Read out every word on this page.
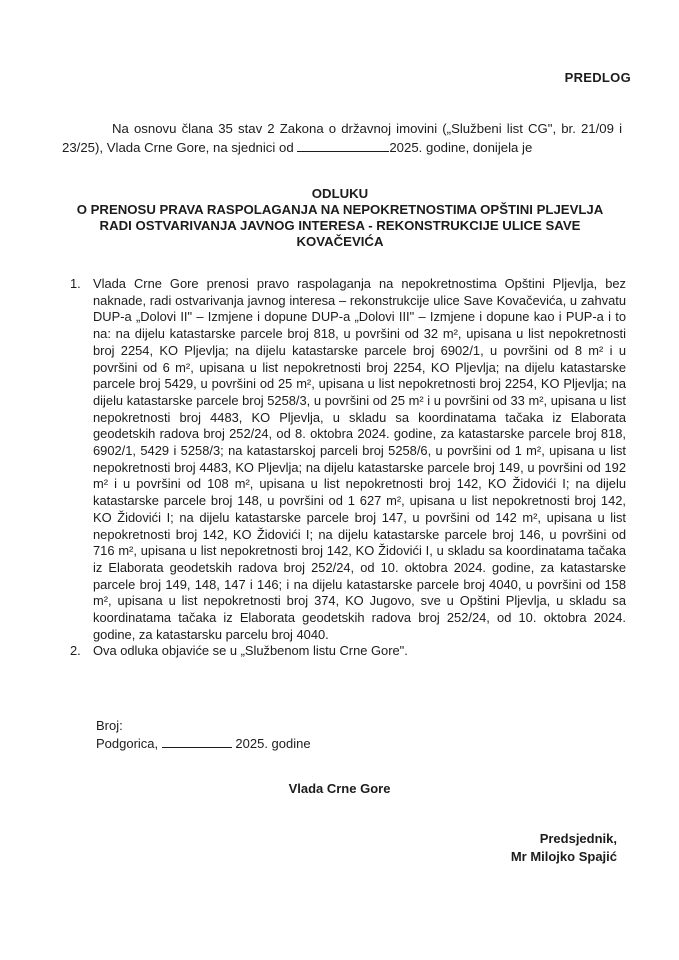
PREDLOG
Na osnovu člana 35 stav 2 Zakona o državnoj imovini („Službeni list CG", br. 21/09 i 23/25), Vlada Crne Gore, na sjednici od	2025. godine, donijela je
ODLUKU
O PRENOSU PRAVA RASPOLAGANJA NA NEPOKRETNOSTIMA OPŠTINI PLJEVLJA RADI OSTVARIVANJA JAVNOG INTERESA - REKONSTRUKCIJE ULICE SAVE KOVAČEVIĆA
1. Vlada Crne Gore prenosi pravo raspolaganja na nepokretnostima Opštini Pljevlja, bez naknade, radi ostvarivanja javnog interesa – rekonstrukcije ulice Save Kovačevića, u zahvatu DUP-a „Dolovi II" – Izmjene i dopune DUP-a „Dolovi III" – Izmjene i dopune kao i PUP-a i to na: na dijelu katastarske parcele broj 818, u površini od 32 m², upisana u list nepokretnosti broj 2254, KO Pljevlja; na dijelu katastarske parcele broj 6902/1, u površini od 8 m² i u površini od 6 m², upisana u list nepokretnosti broj 2254, KO Pljevlja; na dijelu katastarske parcele broj 5429, u površini od 25 m², upisana u list nepokretnosti broj 2254, KO Pljevlja; na dijelu katastarske parcele broj 5258/3, u površini od 25 m² i u površini od 33 m², upisana u list nepokretnosti broj 4483, KO Pljevlja, u skladu sa koordinatama tačaka iz Elaborata geodetskih radova broj 252/24, od 8. oktobra 2024. godine, za katastarske parcele broj 818, 6902/1, 5429 i 5258/3; na katastarskoj parceli broj 5258/6, u površini od 1 m², upisana u list nepokretnosti broj 4483, KO Pljevlja; na dijelu katastarske parcele broj 149, u površini od 192 m² i u površini od 108 m², upisana u list nepokretnosti broj 142, KO Židovići I; na dijelu katastarske parcele broj 148, u površini od 1 627 m², upisana u list nepokretnosti broj 142, KO Židovići I; na dijelu katastarske parcele broj 147, u površini od 142 m², upisana u list nepokretnosti broj 142, KO Židovići I; na dijelu katastarske parcele broj 146, u površini od 716 m², upisana u list nepokretnosti broj 142, KO Židovići I, u skladu sa koordinatama tačaka iz Elaborata geodetskih radova broj 252/24, od 10. oktobra 2024. godine, za katastarske parcele broj 149, 148, 147 i 146; i na dijelu katastarske parcele broj 4040, u površini od 158 m², upisana u list nepokretnosti broj 374, KO Jugovo, sve u Opštini Pljevlja, u skladu sa koordinatama tačaka iz Elaborata geodetskih radova broj 252/24, od 10. oktobra 2024. godine, za katastarsku parcelu broj 4040.
2. Ova odluka objaviće se u „Službenom listu Crne Gore".
Broj:
Podgorica,	2025. godine
Vlada Crne Gore
Predsjednik,
Mr Milojko Spajić
